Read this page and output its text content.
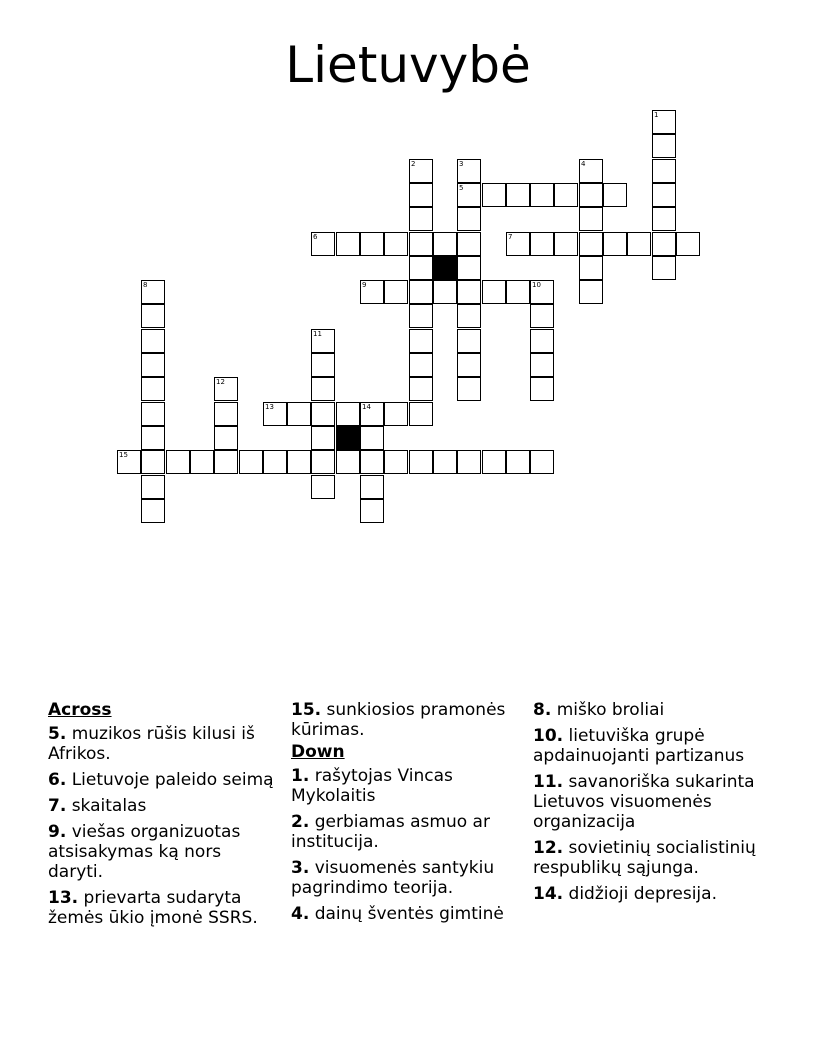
Lietuvybė
1
2	3
5
4
6	7
9	10
8
11
12
13	14
15
Across
5. muzikos rūšis kilusi iš Afrikos.
6. Lietuvoje paleido seimą
7. skaitalas
9. viešas organizuotas atsisakymas ką nors daryti.
13. prievarta sudaryta žemės ūkio įmonė SSRS.
15. sunkiosios pramonės kūrimas.
Down
1. rašytojas Vincas Mykolaitis
2. gerbiamas asmuo ar institucija.
3. visuomenės santykiu pagrindimo teorija.
4. dainų šventės gimtinė
8. miško broliai
10. lietuviška grupė apdainuojanti partizanus
11. savanoriška sukarinta Lietuvos visuomenės organizacija
12. sovietinių socialistinių respublikų sąjunga.
14. didžioji depresija.
